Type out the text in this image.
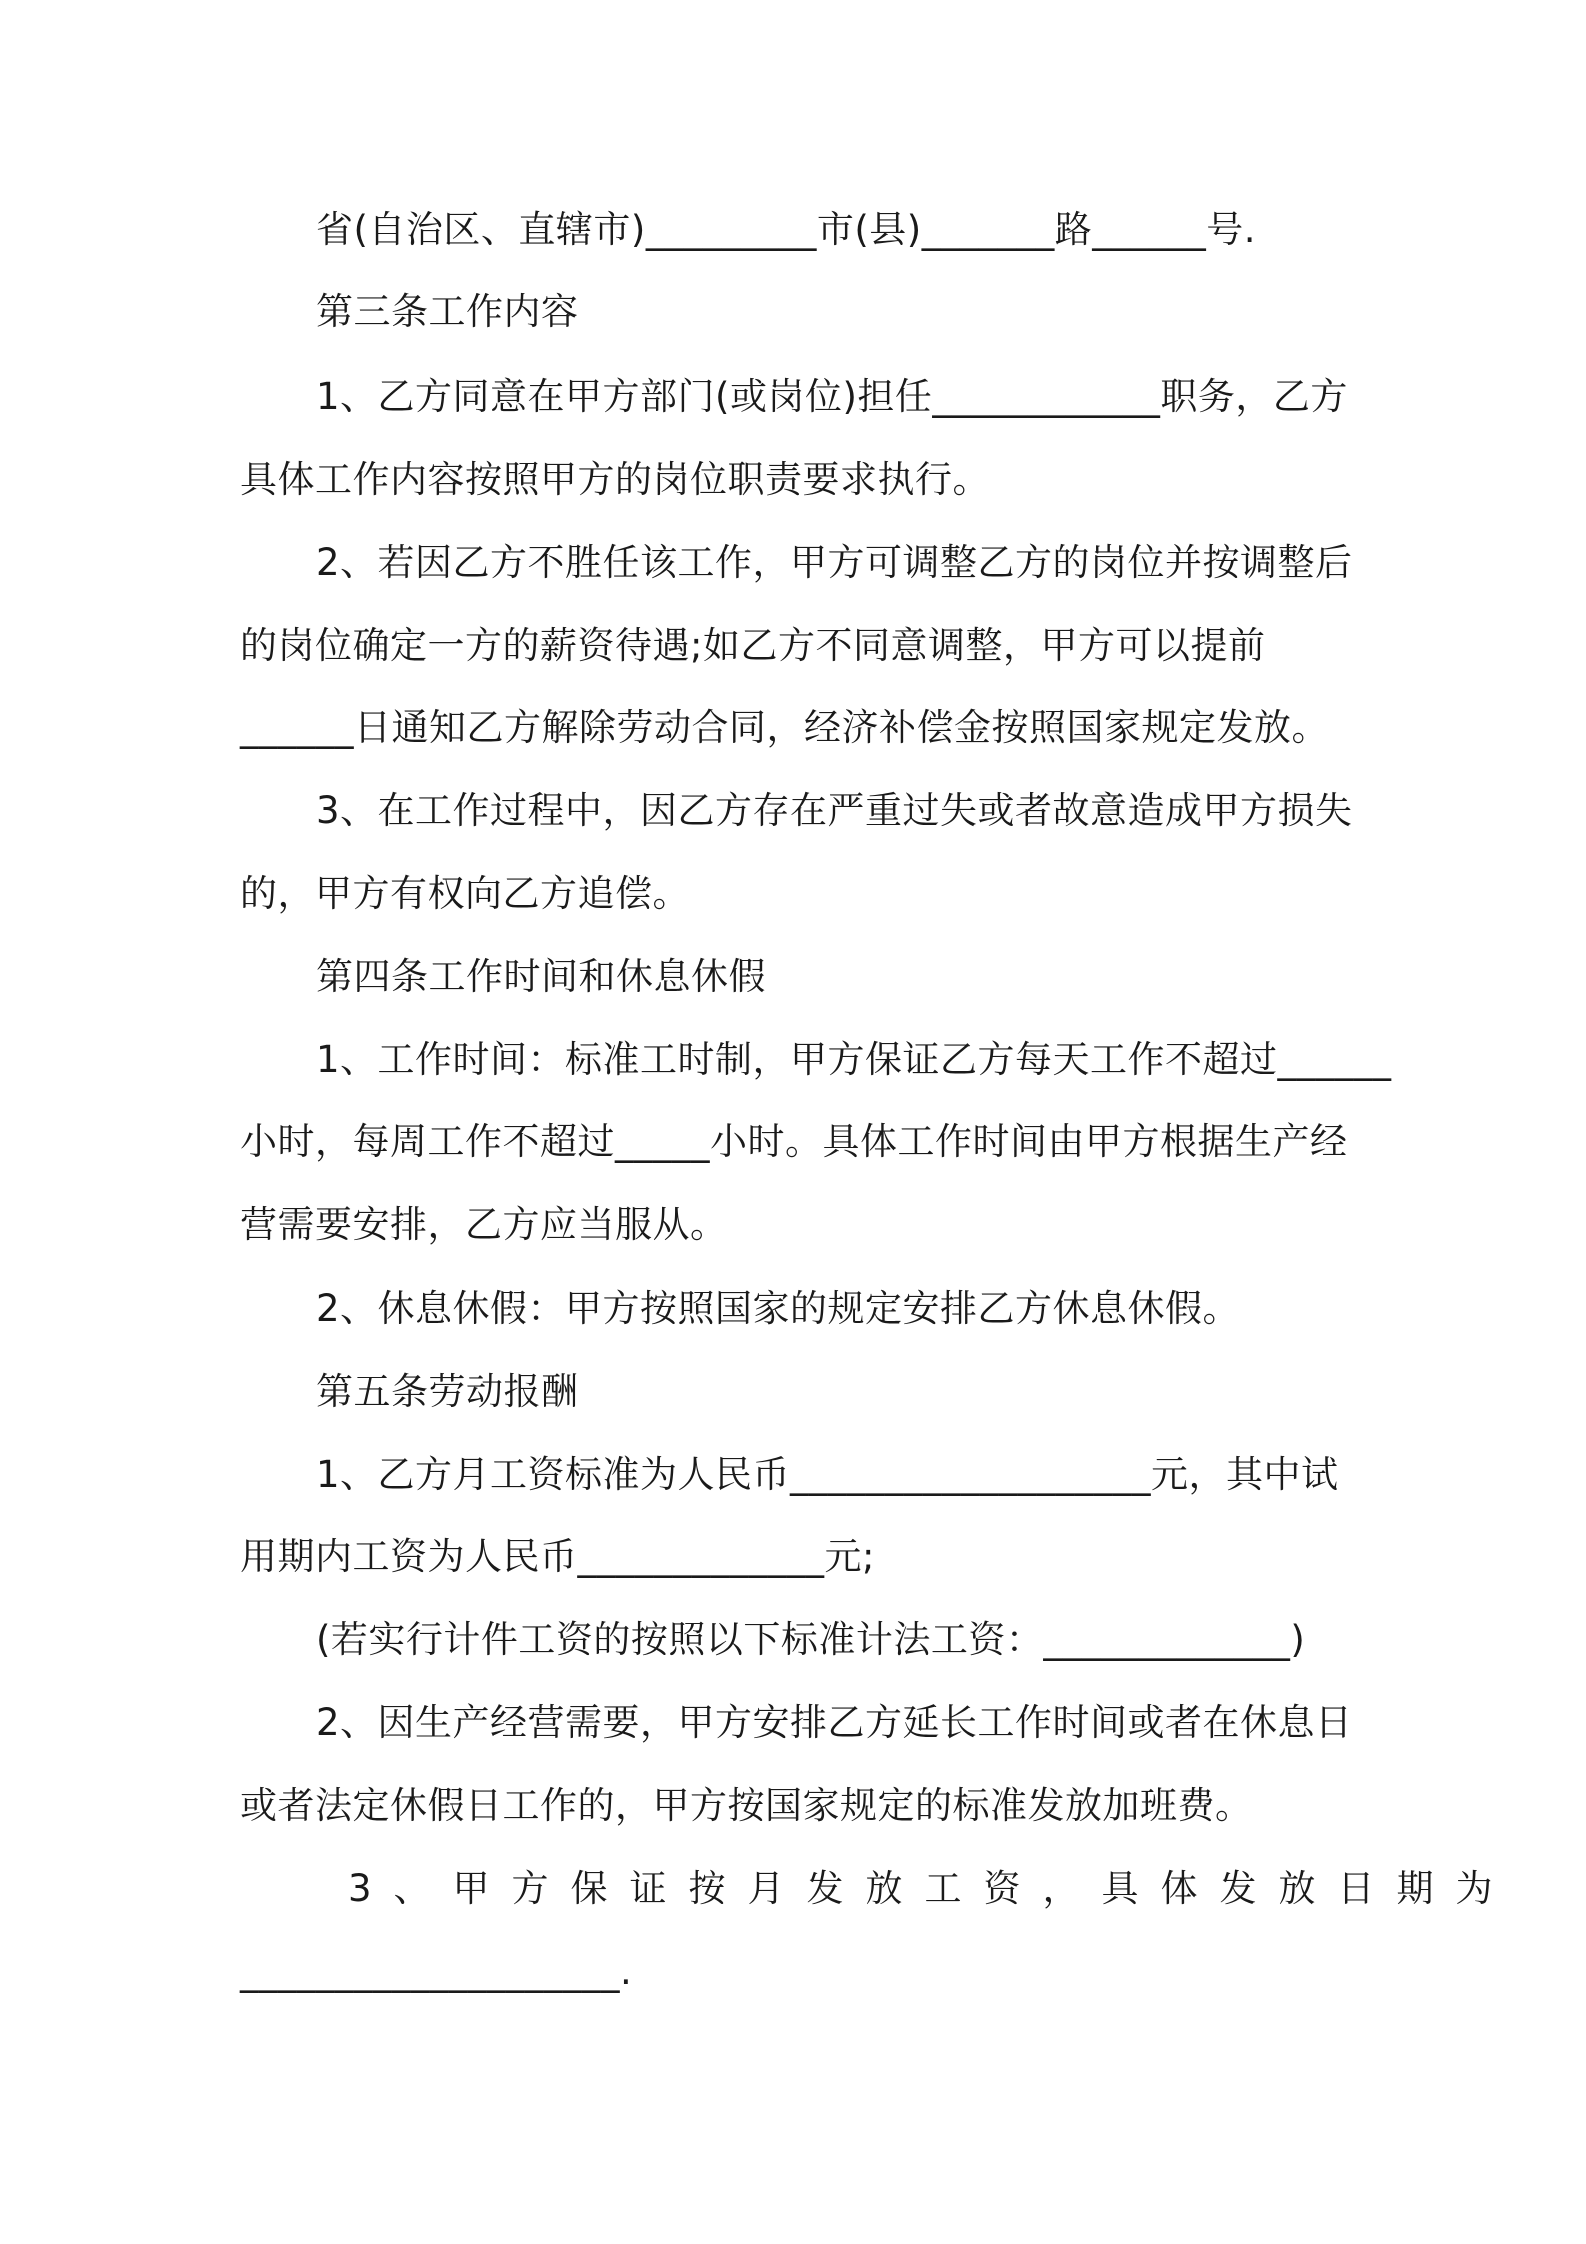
省(自治区、直辖市)_________市(县)_______路______号.
第三条工作内容
1、乙方同意在甲方部门(或岗位)担任____________职务，乙方
具体工作内容按照甲方的岗位职责要求执行。
2、若因乙方不胜任该工作，甲方可调整乙方的岗位并按调整后
的岗位确定一方的薪资待遇;如乙方不同意调整，甲方可以提前
______日通知乙方解除劳动合同，经济补偿金按照国家规定发放。
3、在工作过程中，因乙方存在严重过失或者故意造成甲方损失
的，甲方有权向乙方追偿。
第四条工作时间和休息休假
1、工作时间：标准工时制，甲方保证乙方每天工作不超过______
小时，每周工作不超过_____小时。具体工作时间由甲方根据生产经
营需要安排，乙方应当服从。
2、休息休假：甲方按照国家的规定安排乙方休息休假。
第五条劳动报酬
1、乙方月工资标准为人民币___________________元，其中试
用期内工资为人民币_____________元;
(若实行计件工资的按照以下标准计法工资：_____________)
2、因生产经营需要，甲方安排乙方延长工作时间或者在休息日
或者法定休假日工作的，甲方按国家规定的标准发放加班费。
3、甲方保证按月发放工资，具体发放日期为
____________________.
